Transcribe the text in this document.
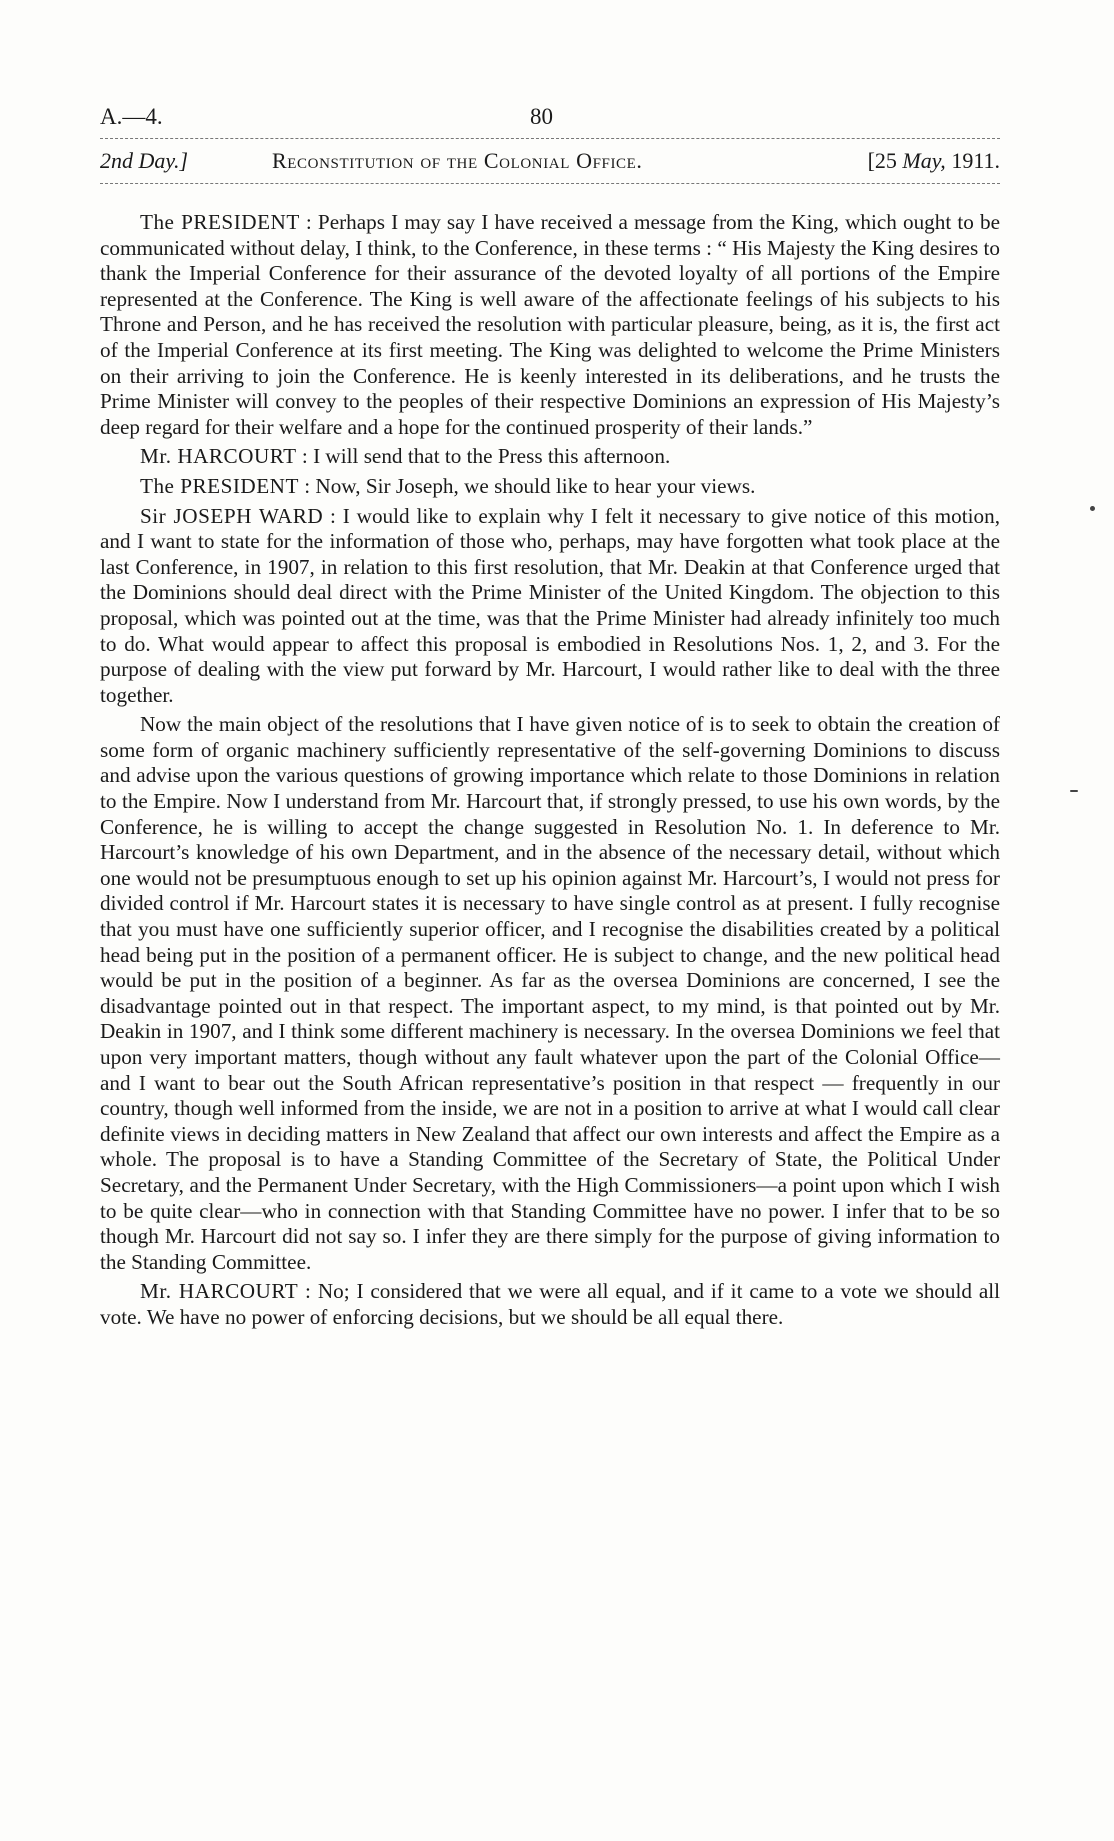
A.—4.	80
2nd Day.]	Reconstitution of the Colonial Office.	[25 May, 1911.

The PRESIDENT : Perhaps I may say I have received a message from the King, which ought to be communicated without delay, I think, to the Conference, in these terms : “ His Majesty the King desires to thank the Imperial Conference for their assurance of the devoted loyalty of all portions of the Empire represented at the Conference. The King is well aware of the affectionate feelings of his subjects to his Throne and Person, and he has received the resolution with particular pleasure, being, as it is, the first act of the Imperial Conference at its first meeting. The King was delighted to welcome the Prime Ministers on their arriving to join the Conference. He is keenly interested in its deliberations, and he trusts the Prime Minister will convey to the peoples of their respective Dominions an expression of His Majesty’s deep regard for their welfare and a hope for the continued prosperity of their lands.”

Mr. HARCOURT : I will send that to the Press this afternoon.

The PRESIDENT : Now, Sir Joseph, we should like to hear your views.

Sir JOSEPH WARD : I would like to explain why I felt it necessary to give notice of this motion, and I want to state for the information of those who, perhaps, may have forgotten what took place at the last Conference, in 1907, in relation to this first resolution, that Mr. Deakin at that Conference urged that the Dominions should deal direct with the Prime Minister of the United Kingdom. The objection to this proposal, which was pointed out at the time, was that the Prime Minister had already infinitely too much to do. What would appear to affect this proposal is embodied in Resolutions Nos. 1, 2, and 3. For the purpose of dealing with the view put forward by Mr. Harcourt, I would rather like to deal with the three together.

Now the main object of the resolutions that I have given notice of is to seek to obtain the creation of some form of organic machinery sufficiently representative of the self-governing Dominions to discuss and advise upon the various questions of growing importance which relate to those Dominions in relation to the Empire. Now I understand from Mr. Harcourt that, if strongly pressed, to use his own words, by the Conference, he is willing to accept the change suggested in Resolution No. 1. In deference to Mr. Harcourt’s knowledge of his own Department, and in the absence of the necessary detail, without which one would not be presumptuous enough to set up his opinion against Mr. Harcourt’s, I would not press for divided control if Mr. Harcourt states it is necessary to have single control as at present. I fully recognise that you must have one sufficiently superior officer, and I recognise the disabilities created by a political head being put in the position of a permanent officer. He is subject to change, and the new political head would be put in the position of a beginner. As far as the oversea Dominions are concerned, I see the disadvantage pointed out in that respect. The important aspect, to my mind, is that pointed out by Mr. Deakin in 1907, and I think some different machinery is necessary. In the oversea Dominions we feel that upon very important matters, though without any fault whatever upon the part of the Colonial Office—and I want to bear out the South African representative’s position in that respect — frequently in our country, though well informed from the inside, we are not in a position to arrive at what I would call clear definite views in deciding matters in New Zealand that affect our own interests and affect the Empire as a whole. The proposal is to have a Standing Committee of the Secretary of State, the Political Under Secretary, and the Permanent Under Secretary, with the High Commissioners—a point upon which I wish to be quite clear—who in connection with that Standing Committee have no power. I infer that to be so though Mr. Harcourt did not say so. I infer they are there simply for the purpose of giving information to the Standing Committee.

Mr. HARCOURT : No; I considered that we were all equal, and if it came to a vote we should all vote. We have no power of enforcing decisions, but we should be all equal there.
